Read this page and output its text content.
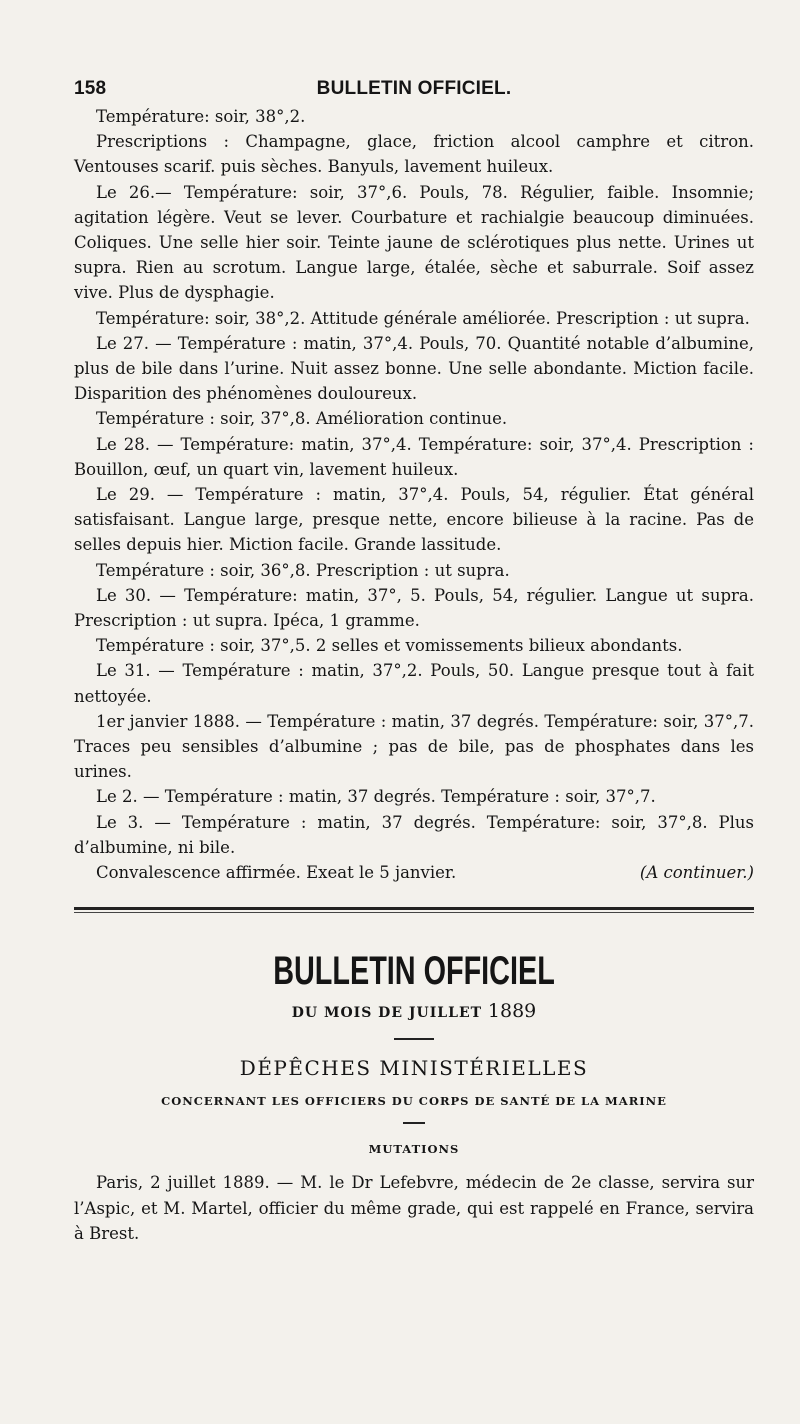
158	BULLETIN OFFICIEL.

Température: soir, 38°,2.

Prescriptions : Champagne, glace, friction alcool camphre et citron. Ventouses scarif. puis sèches. Banyuls, lavement huileux.

Le 26.— Température: soir, 37°,6. Pouls, 78. Régulier, faible. Insomnie; agitation légère. Veut se lever. Courbature et rachialgie beaucoup diminuées. Coliques. Une selle hier soir. Teinte jaune de sclérotiques plus nette. Urines ut supra. Rien au scrotum. Langue large, étalée, sèche et saburrale. Soif assez vive. Plus de dysphagie.

Température: soir, 38°,2. Attitude générale améliorée. Prescription : ut supra.

Le 27. — Température : matin, 37°,4. Pouls, 70. Quantité notable d’albumine, plus de bile dans l’urine. Nuit assez bonne. Une selle abondante. Miction facile. Disparition des phénomènes douloureux.

Température : soir, 37°,8. Amélioration continue.

Le 28. — Température: matin, 37°,4. Température: soir, 37°,4. Prescription : Bouillon, œuf, un quart vin, lavement huileux.

Le 29. — Température : matin, 37°,4. Pouls, 54, régulier. État général satisfaisant. Langue large, presque nette, encore bilieuse à la racine. Pas de selles depuis hier. Miction facile. Grande lassitude.

Température : soir, 36°,8. Prescription : ut supra.

Le 30. — Température: matin, 37°, 5. Pouls, 54, régulier. Langue ut supra. Prescription : ut supra. Ipéca, 1 gramme.

Température : soir, 37°,5. 2 selles et vomissements bilieux abondants.

Le 31. — Température : matin, 37°,2. Pouls, 50. Langue presque tout à fait nettoyée.

1er janvier 1888. — Température : matin, 37 degrés. Température: soir, 37°,7. Traces peu sensibles d’albumine ; pas de bile, pas de phosphates dans les urines.

Le 2. — Température : matin, 37 degrés. Température : soir, 37°,7.

Le 3. — Température : matin, 37 degrés. Température: soir, 37°,8. Plus d’albumine, ni bile.

Convalescence affirmée. Exeat le 5 janvier.	(A continuer.)
BULLETIN OFFICIEL
DU MOIS DE JUILLET 1889
DÉPÊCHES MINISTÉRIELLES
CONCERNANT LES OFFICIERS DU CORPS DE SANTÉ DE LA MARINE
MUTATIONS

Paris, 2 juillet 1889. — M. le Dr Lefebvre, médecin de 2e classe, servira sur l’Aspic, et M. Martel, officier du même grade, qui est rappelé en France, servira à Brest.
